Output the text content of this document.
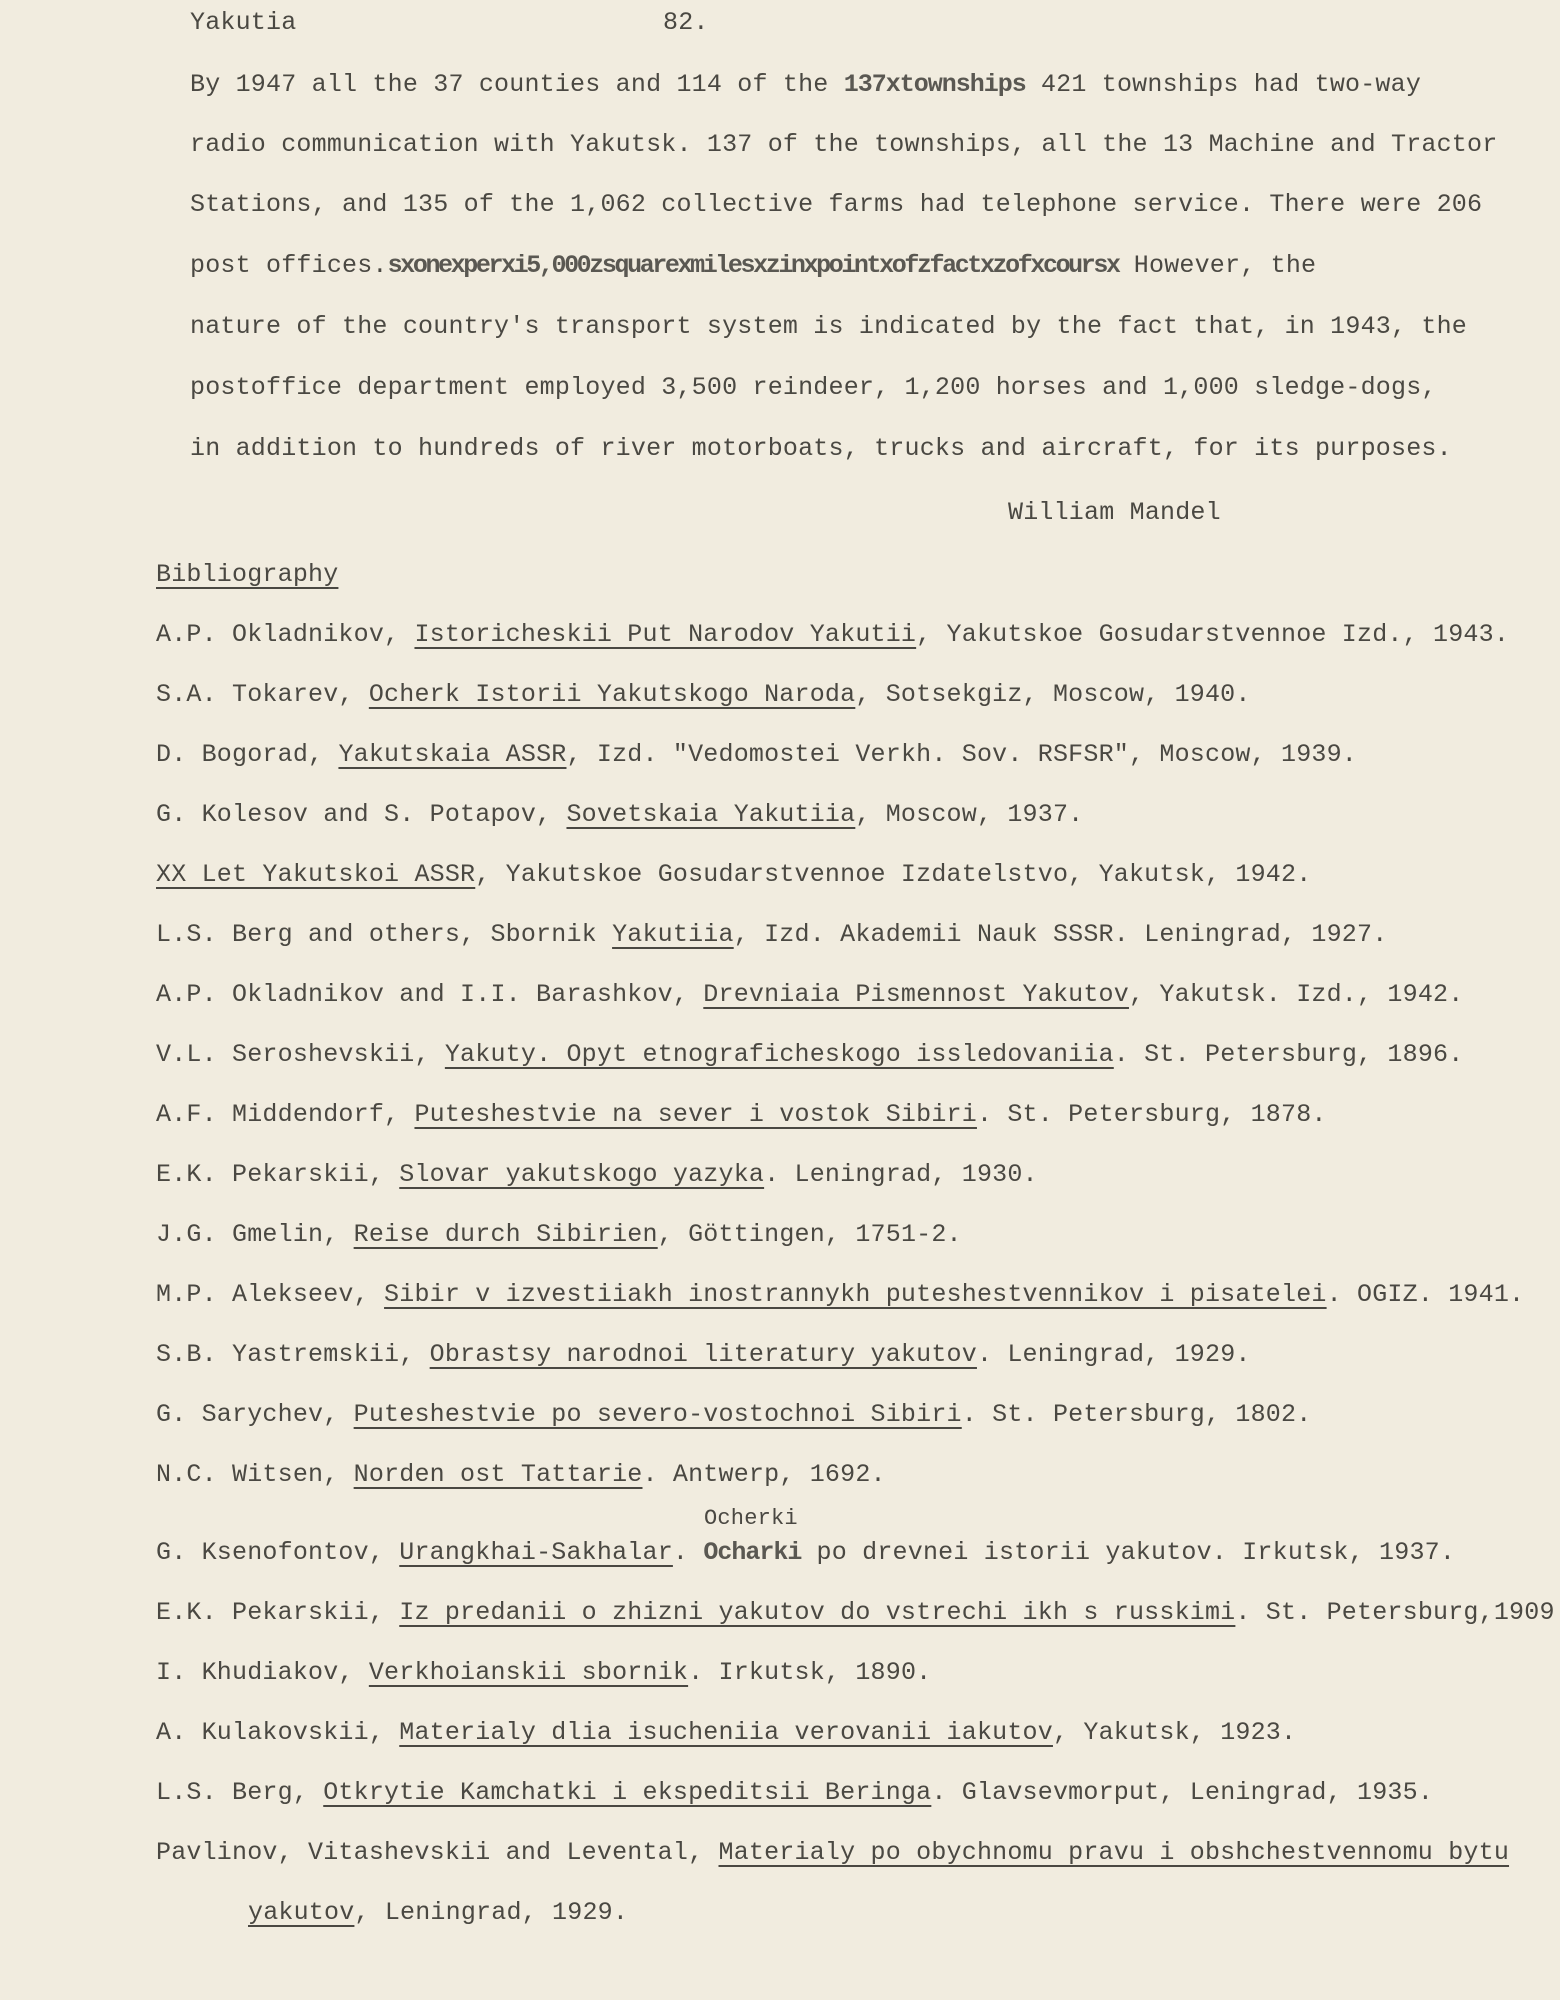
Yakutia	82.
By 1947 all the 37 counties and 114 of the 137xtownships 421 townships had two-way
radio communication with Yakutsk. 137 of the townships, all the 13 Machine and Tractor
Stations, and 135 of the 1,062 collective farms had telephone service. There were 206
post offices.sxonexperxi5,000zsquarexmilesxzinxpointxofzfactxzofxcoursx However, the
nature of the country's transport system is indicated by the fact that, in 1943, the
postoffice department employed 3,500 reindeer, 1,200 horses and 1,000 sledge-dogs,
in addition to hundreds of river motorboats, trucks and aircraft, for its purposes.
William Mandel
Bibliography
A.P. Okladnikov, Istoricheskii Put Narodov Yakutii, Yakutskoe Gosudarstvennoe Izd., 1943.
S.A. Tokarev, Ocherk Istorii Yakutskogo Naroda, Sotsekgiz, Moscow, 1940.
D. Bogorad, Yakutskaia ASSR, Izd. "Vedomostei Verkh. Sov. RSFSR", Moscow, 1939.
G. Kolesov and S. Potapov, Sovetskaia Yakutiia, Moscow, 1937.
XX Let Yakutskoi ASSR, Yakutskoe Gosudarstvennoe Izdatelstvo, Yakutsk, 1942.
L.S. Berg and others, Sbornik Yakutiia, Izd. Akademii Nauk SSSR. Leningrad, 1927.
A.P. Okladnikov and I.I. Barashkov, Drevniaia Pismennost Yakutov, Yakutsk. Izd., 1942.
V.L. Seroshevskii, Yakuty. Opyt etnograficheskogo issledovaniia. St. Petersburg, 1896.
A.F. Middendorf, Puteshestvie na sever i vostok Sibiri. St. Petersburg, 1878.
E.K. Pekarskii, Slovar yakutskogo yazyka. Leningrad, 1930.
J.G. Gmelin, Reise durch Sibirien, Göttingen, 1751-2.
M.P. Alekseev, Sibir v izvestiiakh inostrannykh puteshestvennikov i pisatelei. OGIZ. 1941.
S.B. Yastremskii, Obrastsy narodnoi literatury yakutov. Leningrad, 1929.
G. Sarychev, Puteshestvie po severo-vostochnoi Sibiri. St. Petersburg, 1802.
N.C. Witsen, Norden ost Tattarie. Antwerp, 1692.
Ocherki
G. Ksenofontov, Urangkhai-Sakhalar. Ocharki po drevnei istorii yakutov. Irkutsk, 1937.
E.K. Pekarskii, Iz predanii o zhizni yakutov do vstrechi ikh s russkimi. St. Petersburg,1909
I. Khudiakov, Verkhoianskii sbornik. Irkutsk, 1890.
A. Kulakovskii, Materialy dlia isucheniia verovanii iakutov, Yakutsk, 1923.
L.S. Berg, Otkrytie Kamchatki i ekspeditsii Beringa. Glavsevmorput, Leningrad, 1935.
Pavlinov, Vitashevskii and Levental, Materialy po obychnomu pravu i obshchestvennomu bytu
yakutov, Leningrad, 1929.
